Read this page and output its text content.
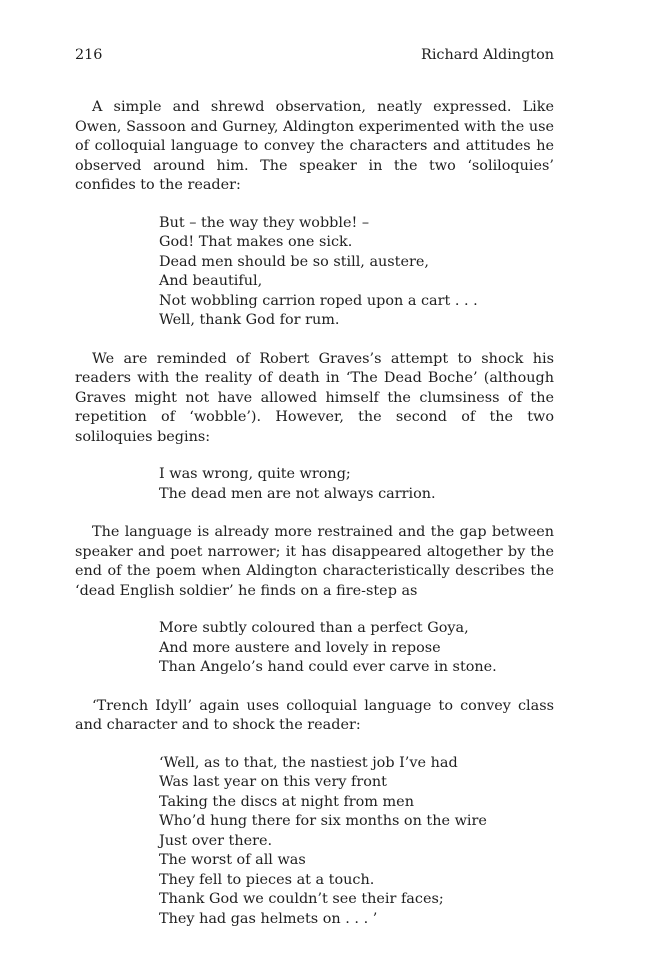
216	Richard Aldington

A simple and shrewd observation, neatly expressed. Like Owen, Sassoon and Gurney, Aldington experimented with the use of colloquial language to convey the characters and attitudes he observed around him. The speaker in the two ‘soliloquies’ confides to the reader:

But – the way they wobble! –
God! That makes one sick.
Dead men should be so still, austere,
And beautiful,
Not wobbling carrion roped upon a cart . . .
Well, thank God for rum.

We are reminded of Robert Graves’s attempt to shock his readers with the reality of death in ‘The Dead Boche’ (although Graves might not have allowed himself the clumsiness of the repetition of ‘wobble’). However, the second of the two soliloquies begins:

I was wrong, quite wrong;
The dead men are not always carrion.

The language is already more restrained and the gap between speaker and poet narrower; it has disappeared altogether by the end of the poem when Aldington characteristically describes the ‘dead English soldier’ he finds on a fire-step as

More subtly coloured than a perfect Goya,
And more austere and lovely in repose
Than Angelo’s hand could ever carve in stone.

‘Trench Idyll’ again uses colloquial language to convey class and character and to shock the reader:

‘Well, as to that, the nastiest job I’ve had
Was last year on this very front
Taking the discs at night from men
Who’d hung there for six months on the wire
Just over there.
The worst of all was
They fell to pieces at a touch.
Thank God we couldn’t see their faces;
They had gas helmets on . . . ’
